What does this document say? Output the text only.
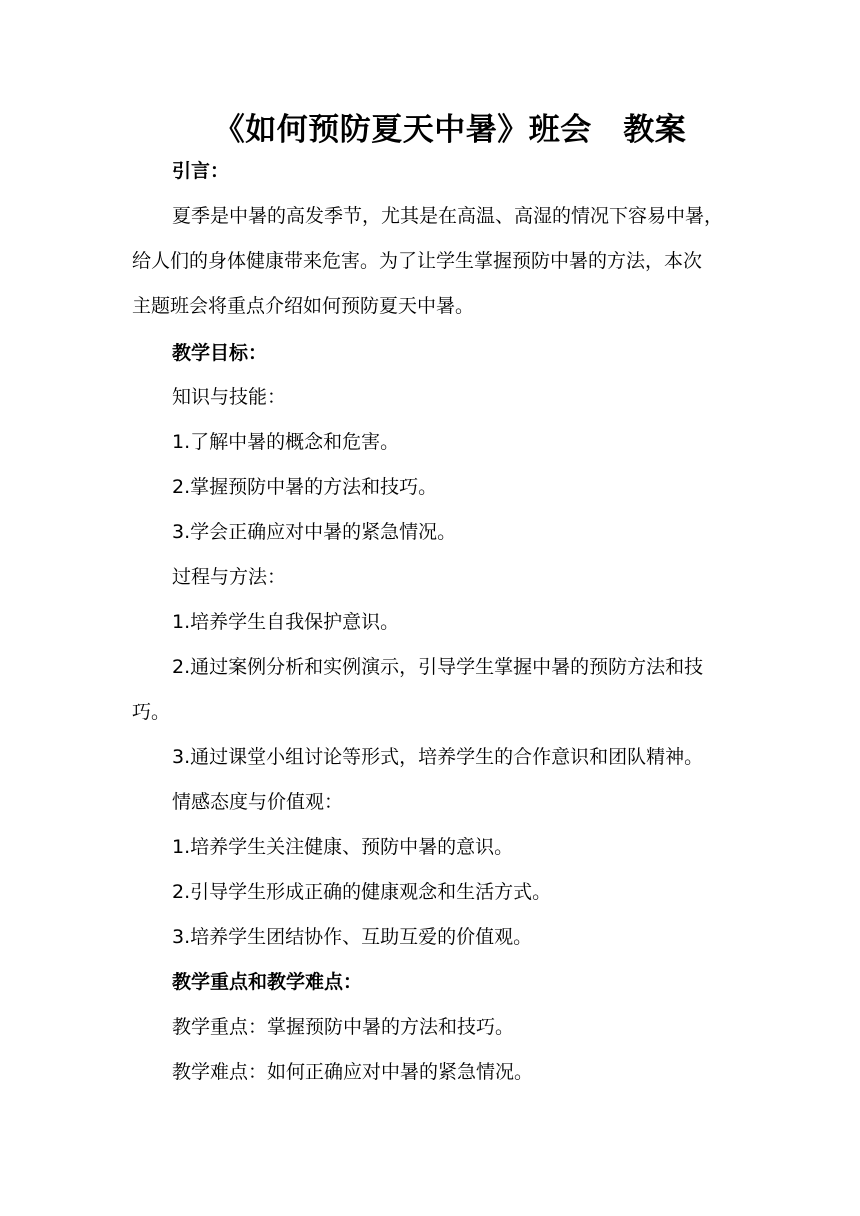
《如何预防夏天中暑》班会　教案
引言：
夏季是中暑的高发季节，尤其是在高温、高湿的情况下容易中暑，
给人们的身体健康带来危害。为了让学生掌握预防中暑的方法，本次
主题班会将重点介绍如何预防夏天中暑。
教学目标：
知识与技能：
1.了解中暑的概念和危害。
2.掌握预防中暑的方法和技巧。
3.学会正确应对中暑的紧急情况。
过程与方法：
1.培养学生自我保护意识。
2.通过案例分析和实例演示，引导学生掌握中暑的预防方法和技
巧。
3.通过课堂小组讨论等形式，培养学生的合作意识和团队精神。
情感态度与价值观：
1.培养学生关注健康、预防中暑的意识。
2.引导学生形成正确的健康观念和生活方式。
3.培养学生团结协作、互助互爱的价值观。
教学重点和教学难点：
教学重点：掌握预防中暑的方法和技巧。
教学难点：如何正确应对中暑的紧急情况。
